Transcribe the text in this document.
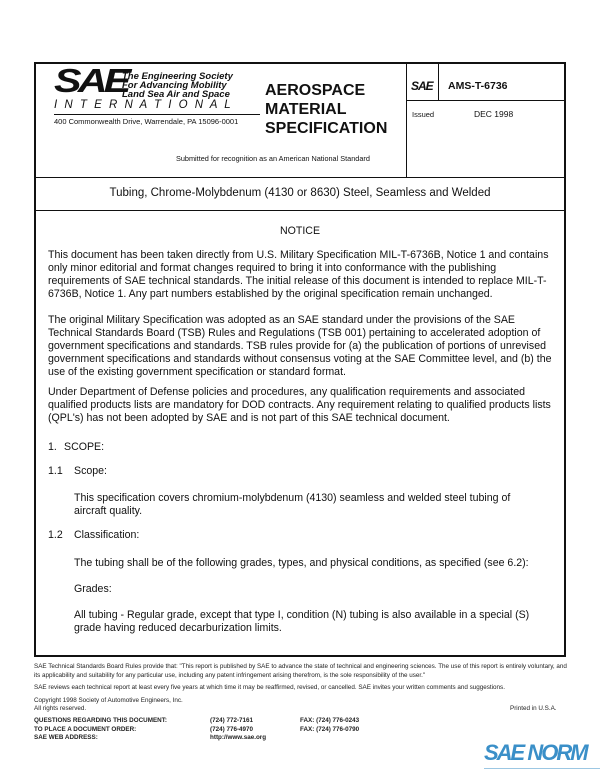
SAE
The Engineering Society
For Advancing Mobility
Land Sea Air and Space
I N T E R N A T I O N A L
400 Commonwealth Drive, Warrendale, PA 15096-0001
AEROSPACE
MATERIAL
SPECIFICATION
Submitted for recognition as an American National Standard
SAE AMS-T-6736
Issued	DEC 1998
Tubing, Chrome-Molybdenum (4130 or 8630) Steel, Seamless and Welded
NOTICE
This document has been taken directly from U.S. Military Specification MIL-T-6736B, Notice 1 and contains only minor editorial and format changes required to bring it into conformance with the publishing requirements of SAE technical standards. The initial release of this document is intended to replace MIL-T-6736B, Notice 1. Any part numbers established by the original specification remain unchanged.
The original Military Specification was adopted as an SAE standard under the provisions of the SAE Technical Standards Board (TSB) Rules and Regulations (TSB 001) pertaining to accelerated adoption of government specifications and standards. TSB rules provide for (a) the publication of portions of unrevised government specifications and standards without consensus voting at the SAE Committee level, and (b) the use of the existing government specification or standard format.
Under Department of Defense policies and procedures, any qualification requirements and associated qualified products lists are mandatory for DOD contracts. Any requirement relating to qualified products lists (QPL's) has not been adopted by SAE and is not part of this SAE technical document.
1. SCOPE:
1.1 Scope:
This specification covers chromium-molybdenum (4130) seamless and welded steel tubing of aircraft quality.
1.2 Classification:
The tubing shall be of the following grades, types, and physical conditions, as specified (see 6.2):
Grades:
All tubing - Regular grade, except that type I, condition (N) tubing is also available in a special (S) grade having reduced decarburization limits.
SAE Technical Standards Board Rules provide that: "This report is published by SAE to advance the state of technical and engineering sciences. The use of this report is entirely voluntary, and its applicability and suitability for any particular use, including any patent infringement arising therefrom, is the sole responsibility of the user."
SAE reviews each technical report at least every five years at which time it may be reaffirmed, revised, or cancelled. SAE invites your written comments and suggestions.
Copyright 1998 Society of Automotive Engineers, Inc.
All rights reserved.	Printed in U.S.A.
QUESTIONS REGARDING THIS DOCUMENT:
TO PLACE A DOCUMENT ORDER:
SAE WEB ADDRESS:
(724) 772-7161
(724) 776-4970
http://www.sae.org
FAX: (724) 776-0243
FAX: (724) 776-0790
SAE NORM
